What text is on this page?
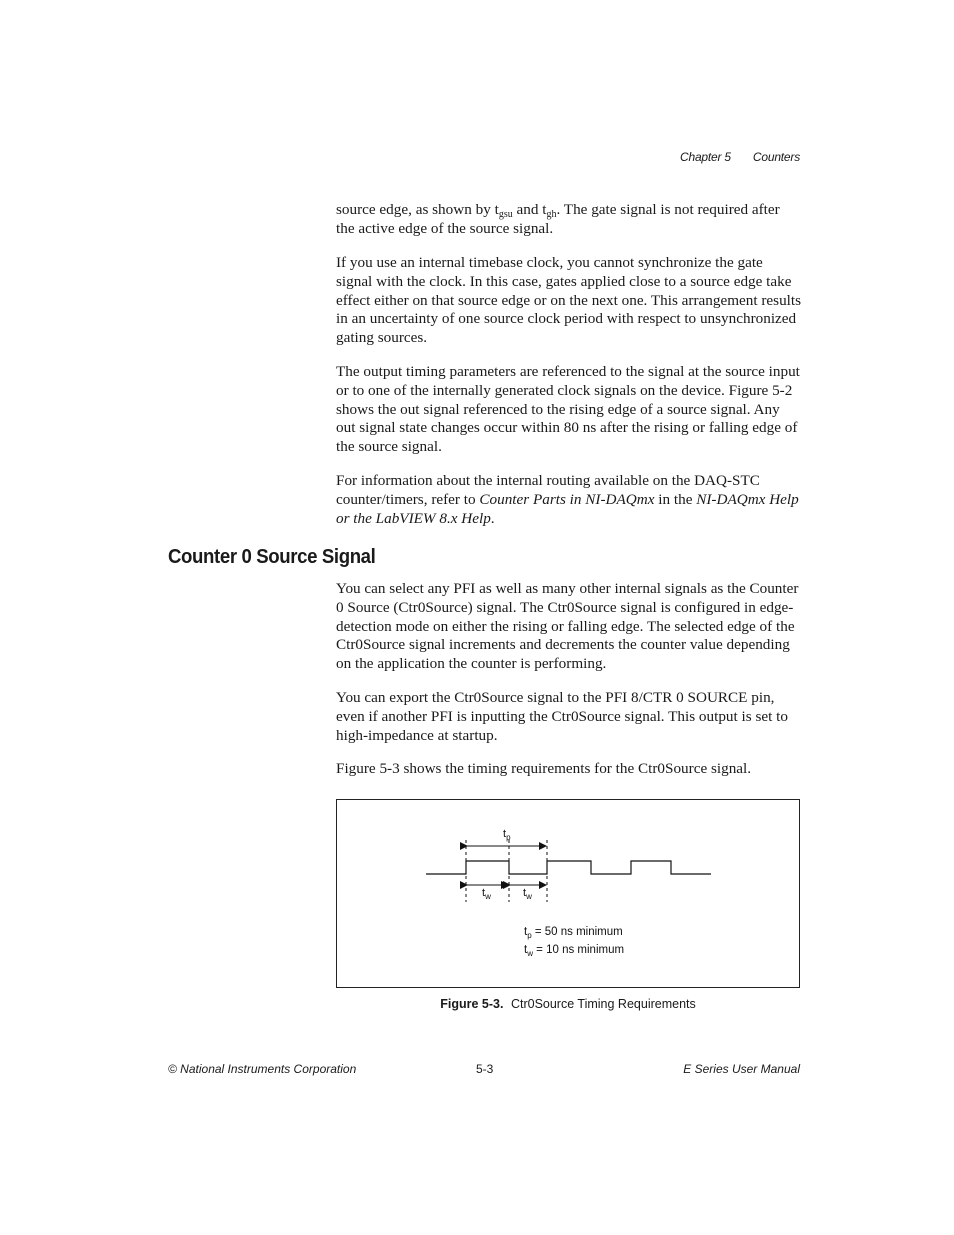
Chapter 5 Counters

source edge, as shown by $t_{gsu}$ and $t_{gh}$. The gate signal is not required after the active edge of the source signal.

If you use an internal timebase clock, you cannot synchronize the gate signal with the clock. In this case, gates applied close to a source edge take effect either on that source edge or on the next one. This arrangement results in an uncertainty of one source clock period with respect to unsynchronized gating sources.

The output timing parameters are referenced to the signal at the source input or to one of the internally generated clock signals on the device. Figure 5-2 shows the out signal referenced to the rising edge of a source signal. Any out signal state changes occur within 80 ns after the rising or falling edge of the source signal.

For information about the internal routing available on the DAQ-STC counter/timers, refer to Counter Parts in NI-DAQmx in the NI-DAQmx Help or the LabVIEW 8.x Help.

Counter 0 Source Signal

You can select any PFI as well as many other internal signals as the Counter 0 Source (Ctr0Source) signal. The Ctr0Source signal is configured in edge-detection mode on either the rising or falling edge. The selected edge of the Ctr0Source signal increments and decrements the counter value depending on the application the counter is performing.

You can export the Ctr0Source signal to the PFI 8/CTR 0 SOURCE pin, even if another PFI is inputting the Ctr0Source signal. This output is set to high-impedance at startup.

Figure 5-3 shows the timing requirements for the Ctr0Source signal.

$t_p$
$t_w$	$t_w$
$t_p = 50$ ns minimum
$t_w = 10$ ns minimum
Figure 5-3. Ctr0Source Timing Requirements
© National Instruments Corporation	5-3	E Series User Manual
